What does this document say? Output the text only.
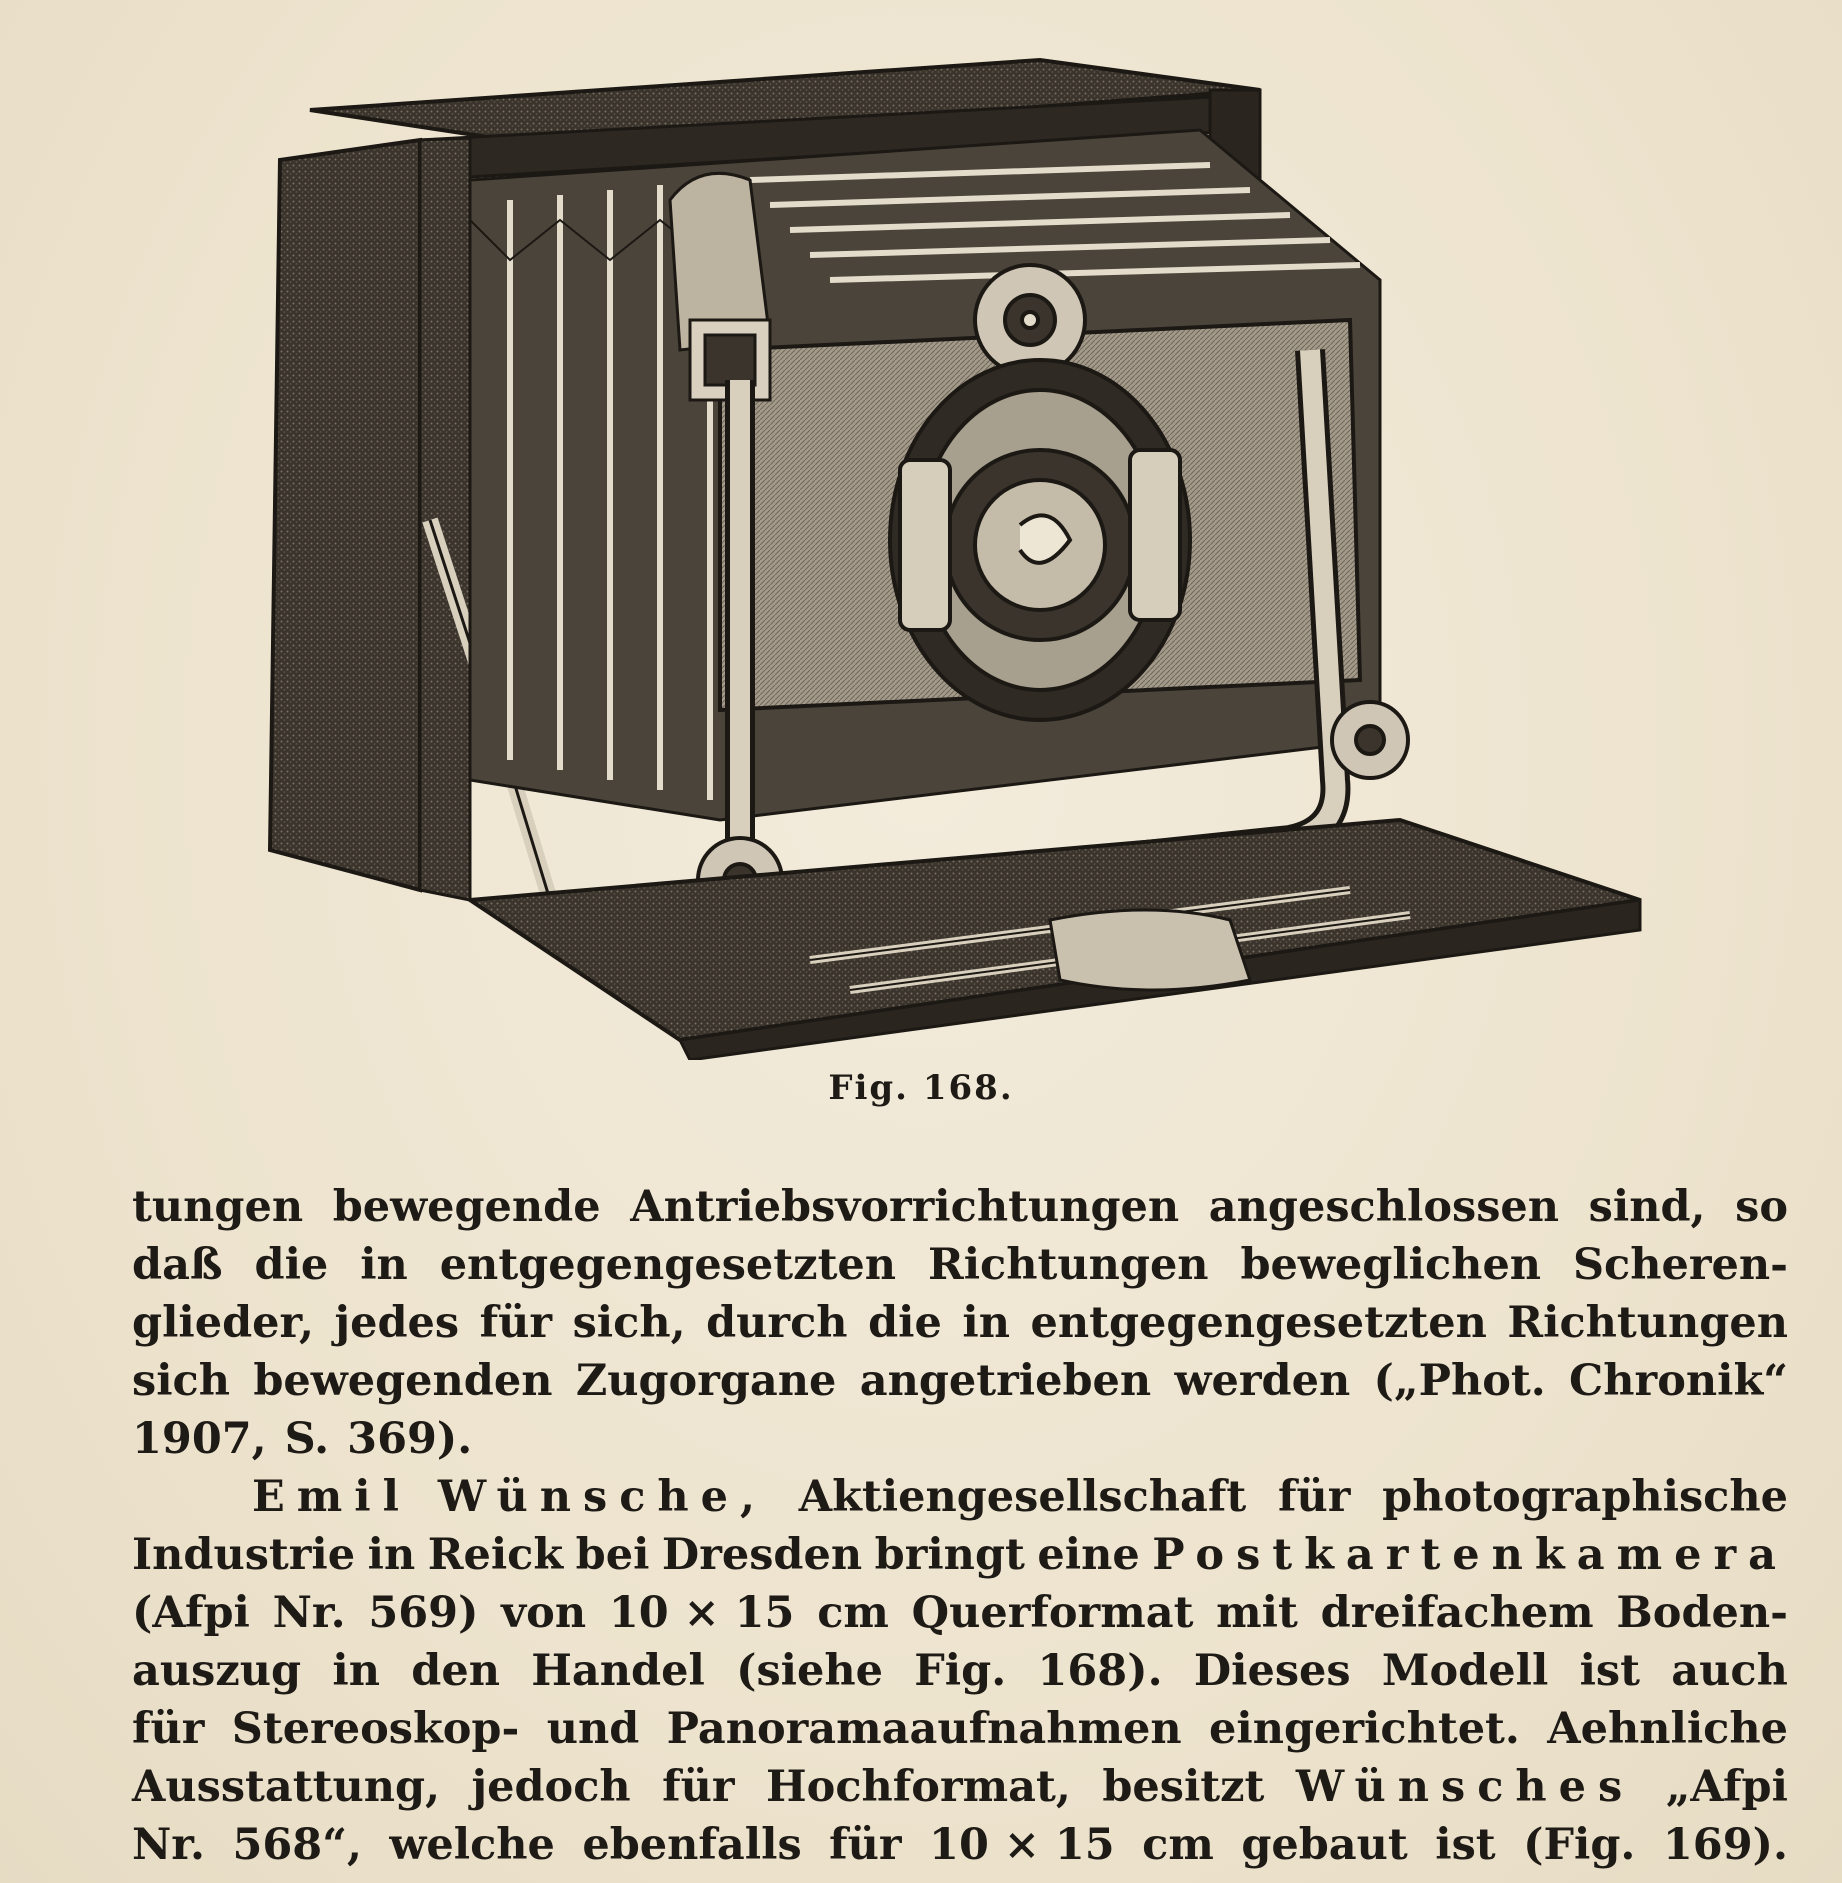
Fig. 168.
tungen bewegende Antriebsvorrichtungen angeschlossen sind, so
daß die in entgegengesetzten Richtungen beweglichen Scheren-
glieder, jedes für sich, durch die in entgegengesetzten Richtungen
sich bewegenden Zugorgane angetrieben werden („Phot. Chronik“
1907, S. 369).
Emil Wünsche, Aktiengesellschaft für photographische
Industrie in Reick bei Dresden bringt eine Postkartenkamera
(Afpi Nr. 569) von 10 × 15 cm Querformat mit dreifachem Boden-
auszug in den Handel (siehe Fig. 168). Dieses Modell ist auch
für Stereoskop- und Panoramaaufnahmen eingerichtet. Aehnliche
Ausstattung, jedoch für Hochformat, besitzt Wünsches „Afpi
Nr. 568“, welche ebenfalls für 10 × 15 cm gebaut ist (Fig. 169).
